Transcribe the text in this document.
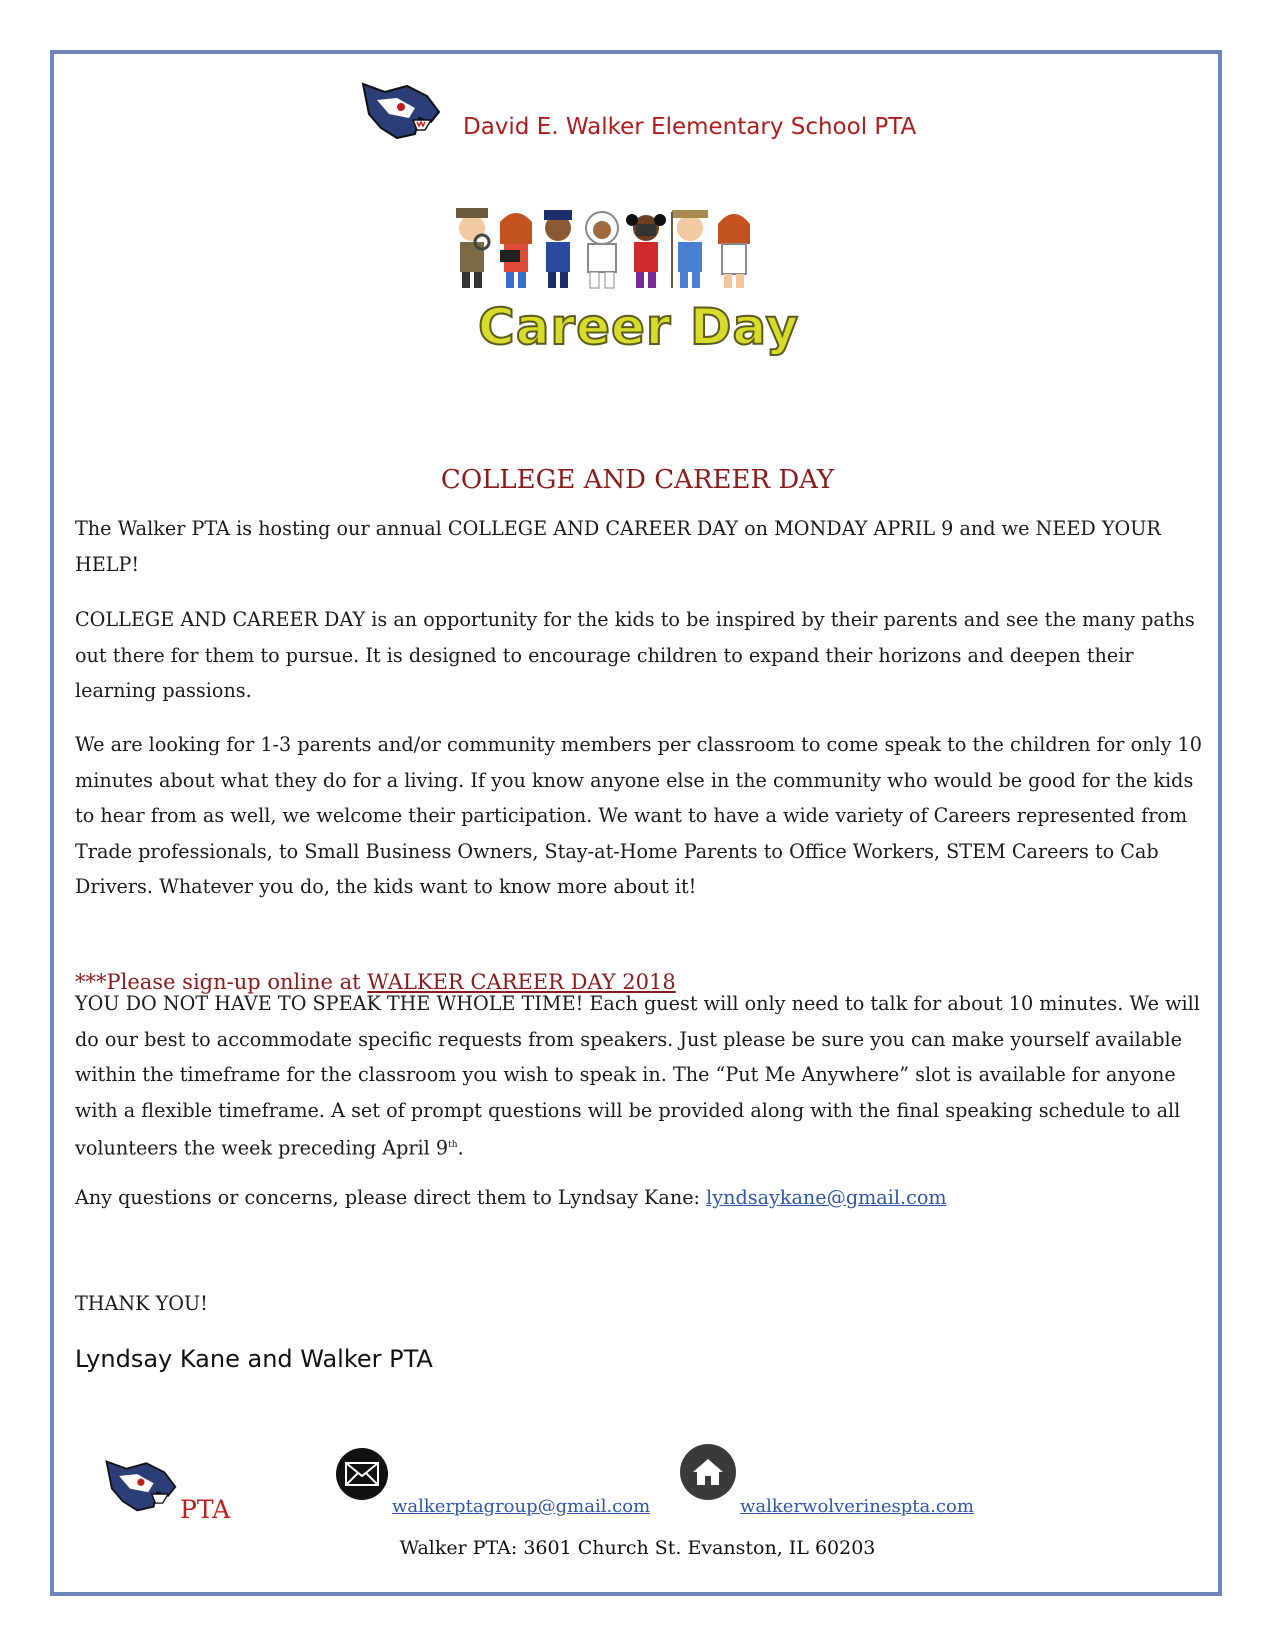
David E. Walker Elementary School PTA
Career Day
COLLEGE AND CAREER DAY

The Walker PTA is hosting our annual COLLEGE AND CAREER DAY on MONDAY APRIL 9 and we NEED YOUR HELP!

COLLEGE AND CAREER DAY is an opportunity for the kids to be inspired by their parents and see the many paths out there for them to pursue. It is designed to encourage children to expand their horizons and deepen their learning passions.

We are looking for 1-3 parents and/or community members per classroom to come speak to the children for only 10 minutes about what they do for a living. If you know anyone else in the community who would be good for the kids to hear from as well, we welcome their participation. We want to have a wide variety of Careers represented from Trade professionals, to Small Business Owners, Stay-at-Home Parents to Office Workers, STEM Careers to Cab Drivers. Whatever you do, the kids want to know more about it!

***Please sign-up online at WALKER CAREER DAY 2018

YOU DO NOT HAVE TO SPEAK THE WHOLE TIME! Each guest will only need to talk for about 10 minutes. We will do our best to accommodate specific requests from speakers. Just please be sure you can make yourself available within the timeframe for the classroom you wish to speak in. The “Put Me Anywhere” slot is available for anyone with a flexible timeframe. A set of prompt questions will be provided along with the final speaking schedule to all volunteers the week preceding April 9th.

Any questions or concerns, please direct them to Lyndsay Kane: lyndsaykane@gmail.com

THANK YOU!
Lyndsay Kane and Walker PTA
PTA	walkerptagroup@gmail.com	walkerwolverinespta.com
Walker PTA: 3601 Church St. Evanston, IL 60203
